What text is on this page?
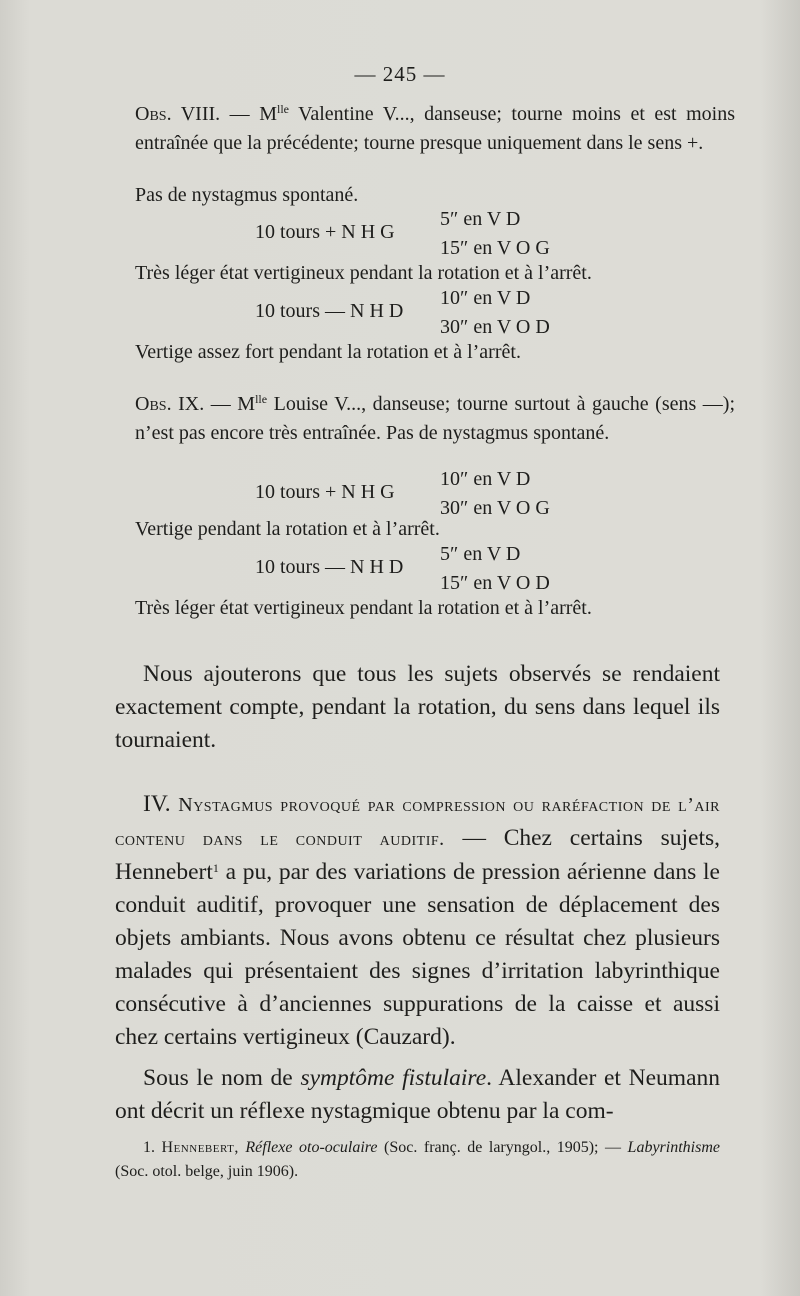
— 245 —
Obs. VIII. — $M^{lle}$ Valentine V..., danseuse; tourne moins et est moins entraînée que la précédente; tourne presque uniquement dans le sens +.
Pas de nystagmus spontané.
10 tours + N H G
5″ en V D
15″ en V O G
Très léger état vertigineux pendant la rotation et à l’arrêt.
10 tours — N H D
10″ en V D
30″ en V O D
Vertige assez fort pendant la rotation et à l’arrêt.
Obs. IX. — $M^{lle}$ Louise V..., danseuse; tourne surtout à gauche (sens —); n’est pas encore très entraînée. Pas de nystagmus spontané.
10 tours + N H G
10″ en V D
30″ en V O G
Vertige pendant la rotation et à l’arrêt.
10 tours — N H D
5″ en V D
15″ en V O D
Très léger état vertigineux pendant la rotation et à l’arrêt.
Nous ajouterons que tous les sujets observés se rendaient exactement compte, pendant la rotation, du sens dans lequel ils tournaient.
IV. Nystagmus provoqué par compression ou raréfaction de l’air contenu dans le conduit auditif. — Chez certains sujets, Hennebert$^1$ a pu, par des variations de pression aérienne dans le conduit auditif, provoquer une sensation de déplacement des objets ambiants. Nous avons obtenu ce résultat chez plusieurs malades qui présentaient des signes d’irritation labyrinthique consécutive à d’anciennes suppurations de la caisse et aussi chez certains vertigineux (Cauzard).
Sous le nom de symptôme fistulaire. Alexander et Neumann ont décrit un réflexe nystagmique obtenu par la com-
1. Hennebert, Réflexe oto-oculaire (Soc. franç. de laryngol., 1905); — Labyrinthisme (Soc. otol. belge, juin 1906).
